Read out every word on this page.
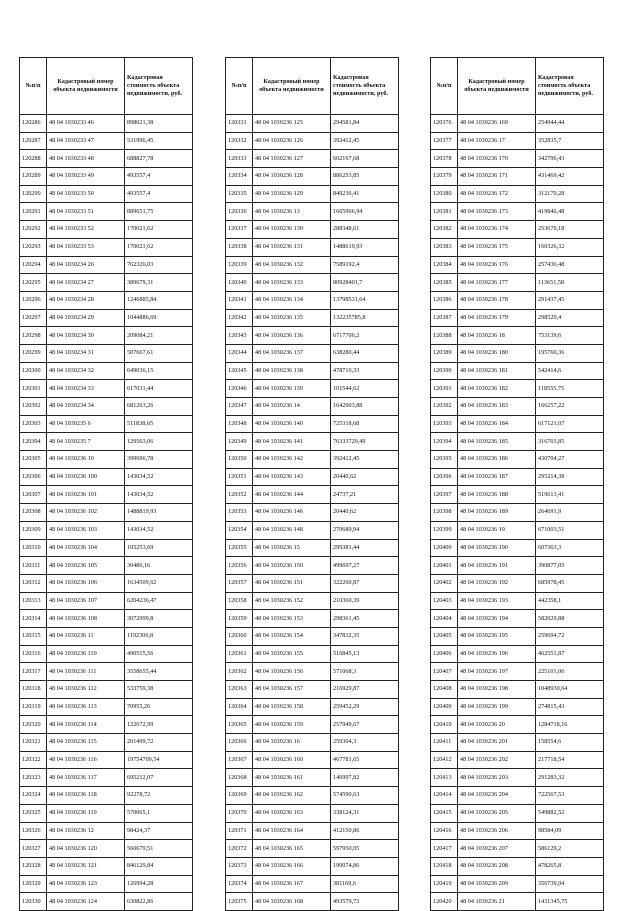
№п/п	Кадастровый номер объекта недвижимости	Кадастровая стоимость объекта недвижимости, руб.
120286	48 04 1030233 46	898021,38
120287	48 04 1030233 47	531996,45
120288	48 04 1030233 48	688827,78
120289	48 04 1030233 49	493557,4
120290	48 04 1030233 50	493557,4
120291	48 04 1030233 51	889651,75
120292	48 04 1030233 52	170021,62
120293	48 04 1030233 53	170021,62
120294	48 04 1030234 26	762326,03
120295	48 04 1030234 27	389679,31
120296	48 04 1030234 28	1246885,84
120297	48 04 1030234 29	1044886,69
120298	48 04 1030234 30	209084,21
120299	48 04 1030234 31	507667,61
120300	48 04 1030234 32	649036,15
120301	48 04 1030234 33	617031,44
120302	48 04 1030234 34	681263,26
120303	48 04 1030235 6	511838,65
120304	48 04 1030235 7	129563,06
120305	48 04 1030236 10	399696,78
120306	48 04 1030236 100	143034,52
120307	48 04 1030236 101	143034,52
120308	48 04 1030236 102	1488819,93
120309	48 04 1030236 103	143034,52
120310	48 04 1030236 104	105253,69
120311	48 04 1030236 105	30486,16
120312	48 04 1030236 106	1634509,62
120313	48 04 1030236 107	6204236,47
120314	48 04 1030236 108	3072999,8
120315	48 04 1030236 11	1192300,8
120316	48 04 1030236 110	490515,56
120317	48 04 1030236 111	3558655,44
120318	48 04 1030236 112	533759,38
120319	48 04 1030236 113	70955,26
120320	48 04 1030236 114	122672,99
120321	48 04 1030236 115	201499,72
120322	48 04 1030236 116	19754709,54
120323	48 04 1030236 117	695212,07
120324	48 04 1030236 118	92278,72
120325	48 04 1030236 119	570065,1
120326	48 04 1030236 12	98424,37
120327	48 04 1030236 120	560679,51
120328	48 04 1030236 121	846129,84
120329	48 04 1030236 123	126994,28
120330	48 04 1030236 124	630822,86
№п/п	Кадастровый номер объекта недвижимости	Кадастровая стоимость объекта недвижимости, руб.
120331	48 04 1030236 125	294581,84
120332	48 04 1030236 126	392412,45
120333	48 04 1030236 127	602167,68
120334	48 04 1030236 128	886253,85
120335	48 04 1030236 129	849236,41
120336	48 04 1030236 13	1665966,94
120337	48 04 1030236 130	288348,61
120338	48 04 1030236 131	1488619,93
120339	48 04 1030236 132	7589192,4
120340	48 04 1030236 133	80928401,7
120341	48 04 1030236 134	13798531,64
120342	48 04 1030236 135	132235785,8
120343	48 04 1030236 136	6717706,2
120344	48 04 1030236 137	638280,44
120345	48 04 1030236 138	478710,33
120346	48 04 1030236 139	101544,62
120347	48 04 1030236 14	1642903,88
120348	48 04 1030236 140	725318,68
120349	48 04 1030236 141	76333729,49
120350	48 04 1030236 142	392412,45
120351	48 04 1030236 143	20440,62
120352	48 04 1030236 144	24737,21
120353	48 04 1030236 146	20440,62
120354	48 04 1030236 148	270689,94
120355	48 04 1030236 15	299381,44
120356	48 04 1030236 150	499697,27
120357	48 04 1030236 151	322260,87
120358	48 04 1030236 152	210360,39
120359	48 04 1030236 153	298361,45
120360	48 04 1030236 154	347832,35
120361	48 04 1030236 155	516845,13
120362	48 04 1030236 156	571068,3
120363	48 04 1030236 157	216929,87
120364	48 04 1030236 158	259452,29
120365	48 04 1030236 159	257949,67
120366	48 04 1030236 16	259304,3
120367	48 04 1030236 160	467781,65
120368	48 04 1030236 161	146997,82
120369	48 04 1030236 162	574590,63
120370	48 04 1030236 163	338124,31
120371	48 04 1030236 164	412150,86
120372	48 04 1030236 165	597950,05
120373	48 04 1030236 166	190074,86
120374	48 04 1030236 167	381169,6
120375	48 04 1030236 168	493579,73
№п/п	Кадастровый номер объекта недвижимости	Кадастровая стоимость объекта недвижимости, руб.
120376	48 04 1030236 169	254944,44
120377	48 04 1030236 17	352835,7
120378	48 04 1030236 170	342796,43
120379	48 04 1030236 171	431469,42
120380	48 04 1030236 172	312179,28
120381	48 04 1030236 173	419846,48
120382	48 04 1030236 174	253670,18
120383	48 04 1030236 175	160326,32
120384	48 04 1030236 176	257436,48
120385	48 04 1030236 177	113651,58
120386	48 04 1030236 178	291437,45
120387	48 04 1030236 179	298520,4
120388	48 04 1030236 18	753139,6
120389	48 04 1030236 180	195760,36
120390	48 04 1030236 181	542414,6
120391	48 04 1030236 182	118555,75
120392	48 04 1030236 183	166257,22
120393	48 04 1030236 184	617121,07
120394	48 04 1030236 185	316703,85
120395	48 04 1030236 186	430704,27
120396	48 04 1030236 187	295214,38
120397	48 04 1030236 188	519613,41
120398	48 04 1030236 189	264691,9
120399	48 04 1030236 19	671003,51
120400	48 04 1030236 190	607363,3
120401	48 04 1030236 191	390877,05
120402	48 04 1030236 192	685978,45
120403	48 04 1030236 193	442358,1
120404	48 04 1030236 194	582029,88
120405	48 04 1030236 195	259694,72
120406	48 04 1030236 196	462551,87
120407	48 04 1030236 197	225101,06
120408	48 04 1030236 198	1048930,64
120409	48 04 1030236 199	274815,43
120410	48 04 1030236 20	1284718,16
120411	48 04 1030236 201	158554,6
120412	48 04 1030236 202	217718,54
120413	48 04 1030236 203	291283,32
120414	48 04 1030236 204	722567,53
120415	48 04 1030236 205	549882,52
120416	48 04 1030236 206	98584,09
120417	48 04 1030236 207	586129,2
120418	48 04 1030236 208	478265,8
120419	48 04 1030236 209	356739,94
120420	48 04 1030236 21	1431345,75
